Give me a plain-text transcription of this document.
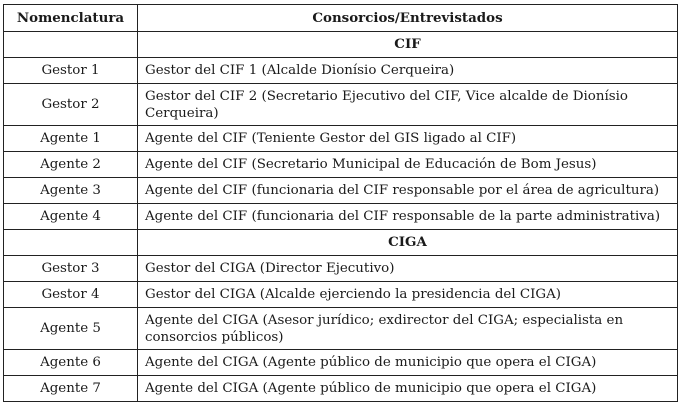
Nomenclatura	Consorcios/Entrevistados
	CIF
Gestor 1	Gestor del CIF 1 (Alcalde Dionísio Cerqueira)
Gestor 2	Gestor del CIF 2 (Secretario Ejecutivo del CIF, Vice alcalde de Dionísio Cerqueira)
Agente 1	Agente del CIF (Teniente Gestor del GIS ligado al CIF)
Agente 2	Agente del CIF (Secretario Municipal de Educación de Bom Jesus)
Agente 3	Agente del CIF (funcionaria del CIF responsable por el área de agricultura)
Agente 4	Agente del CIF (funcionaria del CIF responsable de la parte administrativa)
	CIGA
Gestor 3	Gestor del CIGA (Director Ejecutivo)
Gestor 4	Gestor del CIGA (Alcalde ejerciendo la presidencia del CIGA)
Agente 5	Agente del CIGA (Asesor jurídico; exdirector del CIGA; especialista en consorcios públicos)
Agente 6	Agente del CIGA (Agente público de municipio que opera el CIGA)
Agente 7	Agente del CIGA (Agente público de municipio que opera el CIGA)
